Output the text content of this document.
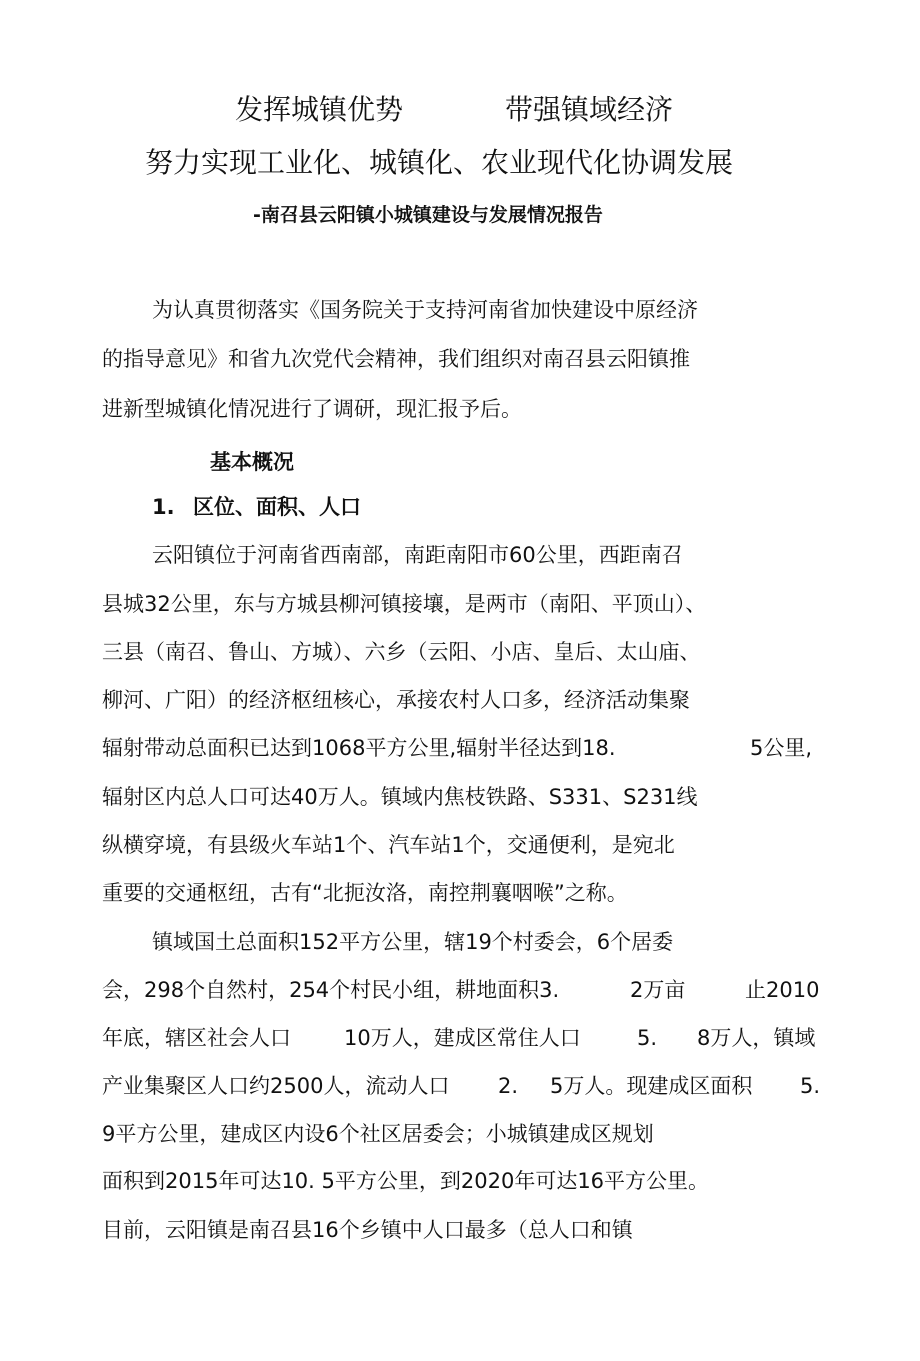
发挥城镇优势	带强镇域经济
努力实现工业化、城镇化、农业现代化协调发展
-南召县云阳镇小城镇建设与发展情况报告
为认真贯彻落实《国务院关于支持河南省加快建设中原经济
的指导意见》和省九次党代会精神，我们组织对南召县云阳镇推
进新型城镇化情况进行了调研，现汇报予后。
基本概况
1. 区位、面积、人口
云阳镇位于河南省西南部，南距南阳市60公里，西距南召
县城32公里，东与方城县柳河镇接壤，是两市（南阳、平顶山）、
三县（南召、鲁山、方城）、六乡（云阳、小店、皇后、太山庙、
柳河、广阳）的经济枢纽核心，承接农村人口多，经济活动集聚
辐射带动总面积已达到1068平方公里,辐射半径达到18.	5公里,
辐射区内总人口可达40万人。镇域内焦枝铁路、S331、S231线
纵横穿境，有县级火车站1个、汽车站1个，交通便利，是宛北
重要的交通枢纽，古有“北扼汝洛，南控荆襄咽喉”之称。
镇域国土总面积152平方公里，辖19个村委会，6个居委
会，298个自然村，254个村民小组，耕地面积3.	2万亩	止2010
年底，辖区社会人口	10万人，建成区常住人口	5. 8万人，镇域
产业集聚区人口约2500人，流动人口 2. 5万人。现建成区面积 5.
9平方公里，建成区内设6个社区居委会；小城镇建成区规划
面积到2015年可达10. 5平方公里，到2020年可达16平方公里。
目前，云阳镇是南召县16个乡镇中人口最多（总人口和镇
